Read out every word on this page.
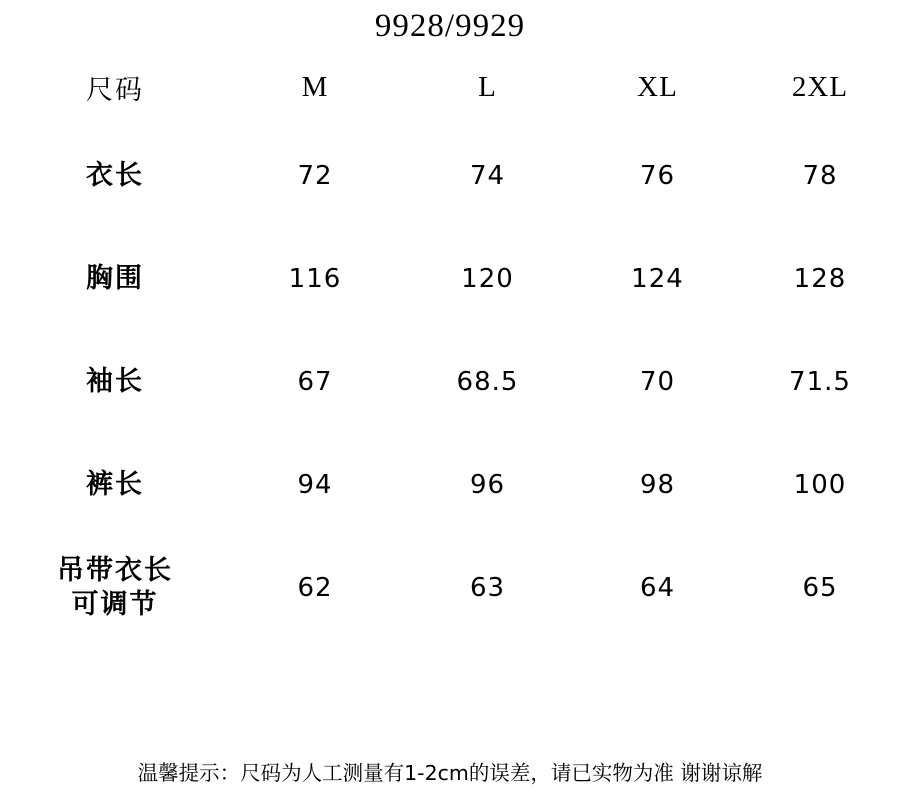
9928/9929
尺码	M	L	XL	2XL
衣长	72	74	76	78
胸围	116	120	124	128
袖长	67	68.5	70	71.5
裤长	94	96	98	100

吊带衣长
可调节	62	63	64	65
温馨提示：尺码为人工测量有1-2cm的误差，请已实物为准 谢谢谅解
